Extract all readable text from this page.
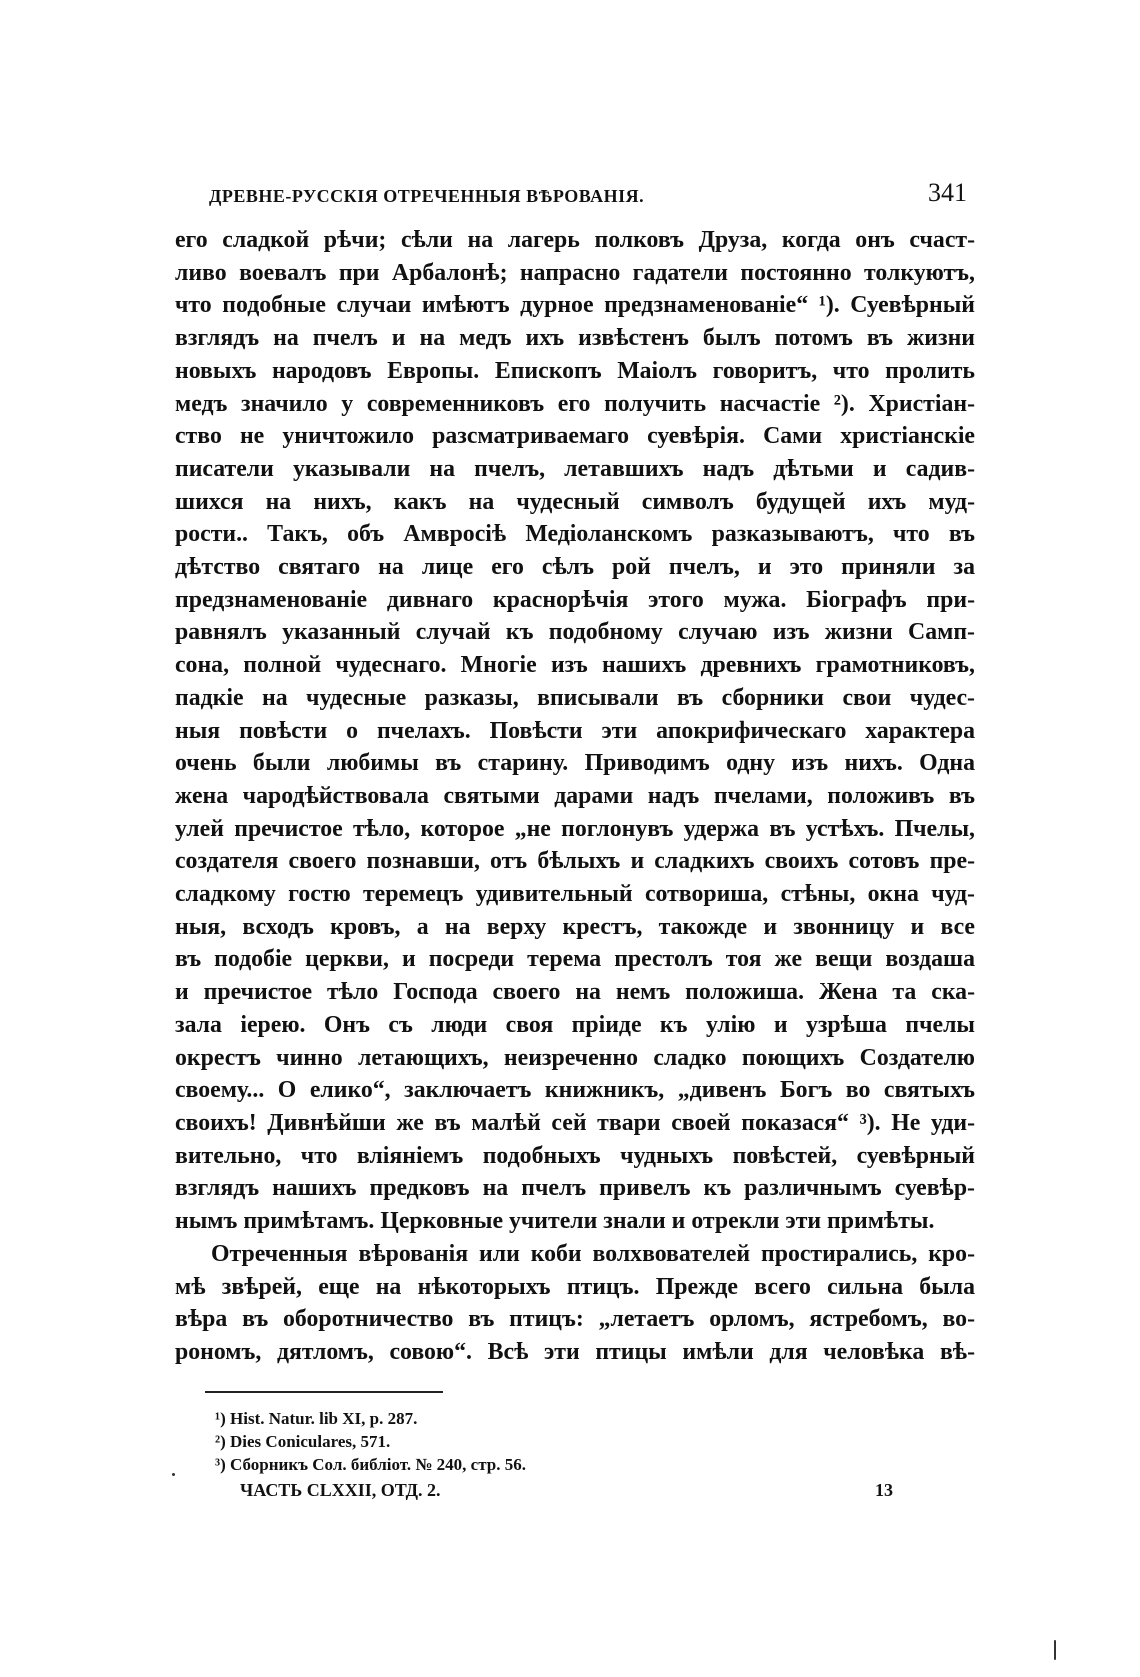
ДРЕВНЕ-РУССКІЯ ОТРЕЧЕННЫЯ ВѢРОВАНІЯ.	341
его сладкой рѣчи; сѣли на лагерь полковъ Друза, когда онъ счаст-
ливо воевалъ при Арбалонѣ; напрасно гадатели постоянно толкуютъ,
что подобные случаи имѣютъ дурное предзнаменованіе“ ¹). Суевѣрный
взглядъ на пчелъ и на медъ ихъ извѣстенъ былъ потомъ въ жизни
новыхъ народовъ Европы. Епископъ Маіолъ говоритъ, что пролить
медъ значило у современниковъ его получить насчастіе ²). Христіан-
ство не уничтожило разсматриваемаго суевѣрія. Сами христіанскіе
писатели указывали на пчелъ, летавшихъ надъ дѣтьми и садив-
шихся на нихъ, какъ на чудесный символъ будущей ихъ муд-
рости.. Такъ, объ Амвросіѣ Медіоланскомъ разказываютъ, что въ
дѣтство святаго на лице его сѣлъ рой пчелъ, и это приняли за
предзнаменованіе дивнаго краснорѣчія этого мужа. Біографъ при-
равнялъ указанный случай къ подобному случаю изъ жизни Самп-
сона, полной чудеснаго. Многіе изъ нашихъ древнихъ грамотниковъ,
падкіе на чудесные разказы, вписывали въ сборники свои чудес-
ныя повѣсти о пчелахъ. Повѣсти эти апокрифическаго характера
очень были любимы въ старину. Приводимъ одну изъ нихъ. Одна
жена чародѣйствовала святыми дарами надъ пчелами, положивъ въ
улей пречистое тѣло, которое „не поглонувъ удержа въ устѣхъ. Пчелы,
создателя своего познавши, отъ бѣлыхъ и сладкихъ своихъ сотовъ пре-
сладкому гостю теремецъ удивительный сотвориша, стѣны, окна чуд-
ныя, всходъ кровъ, а на верху крестъ, такожде и звонницу и все
въ подобіе церкви, и посреди терема престолъ тоя же вещи воздаша
и пречистое тѣло Господа своего на немъ положиша. Жена та ска-
зала іерею. Онъ съ люди своя пріиде къ улію и узрѣша пчелы
окрестъ чинно летающихъ, неизреченно сладко поющихъ Создателю
своему... О елико“, заключаетъ книжникъ, „дивенъ Богъ во святыхъ
своихъ! Дивнѣйши же въ малѣй сей твари своей показася“ ³). Не уди-
вительно, что вліяніемъ подобныхъ чудныхъ повѣстей, суевѣрный
взглядъ нашихъ предковъ на пчелъ привелъ къ различнымъ суевѣр-
нымъ примѣтамъ. Церковные учители знали и отрекли эти примѣты.
Отреченныя вѣрованія или коби волхвователей простирались, кро-
мѣ звѣрей, еще на нѣкоторыхъ птицъ. Прежде всего сильна была
вѣра въ оборотничество въ птицъ: „летаетъ орломъ, ястребомъ, во-
рономъ, дятломъ, совою“. Всѣ эти птицы имѣли для человѣка вѣ-
¹) Hist. Natur. lib XI, p. 287.
²) Dies Coniculares, 571.
³) Сборникъ Сол. библіот. № 240, стр. 56.
ЧАСТЬ CLXXII, ОТД. 2.	13
